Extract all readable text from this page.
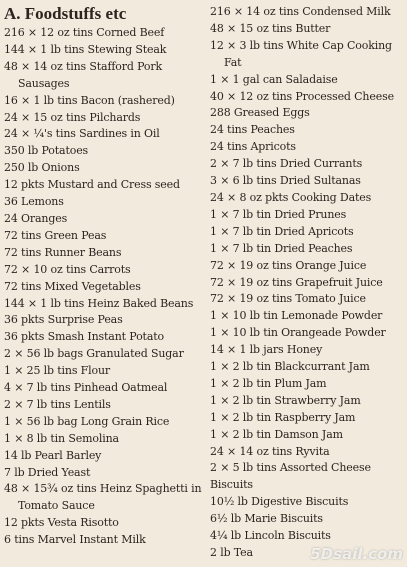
A. Foodstuffs etc
216 × 12 oz tins Corned Beef
144 × 1 lb tins Stewing Steak
48 × 14 oz tins Stafford Pork
Sausages
16 × 1 lb tins Bacon (rashered)
24 × 15 oz tins Pilchards
24 × ¼'s tins Sardines in Oil
350 lb Potatoes
250 lb Onions
12 pkts Mustard and Cress seed
36 Lemons
24 Oranges
72 tins Green Peas
72 tins Runner Beans
72 × 10 oz tins Carrots
72 tins Mixed Vegetables
144 × 1 lb tins Heinz Baked Beans
36 pkts Surprise Peas
36 pkts Smash Instant Potato
2 × 56 lb bags Granulated Sugar
1 × 25 lb tins Flour
4 × 7 lb tins Pinhead Oatmeal
2 × 7 lb tins Lentils
1 × 56 lb bag Long Grain Rice
1 × 8 lb tin Semolina
14 lb Pearl Barley
7 lb Dried Yeast
48 × 15¾ oz tins Heinz Spaghetti in
Tomato Sauce
12 pkts Vesta Risotto
6 tins Marvel Instant Milk
216 × 14 oz tins Condensed Milk
48 × 15 oz tins Butter
12 × 3 lb tins White Cap Cooking
Fat
1 × 1 gal can Saladaise
40 × 12 oz tins Processed Cheese
288 Greased Eggs
24 tins Peaches
24 tins Apricots
2 × 7 lb tins Dried Currants
3 × 6 lb tins Dried Sultanas
24 × 8 oz pkts Cooking Dates
1 × 7 lb tin Dried Prunes
1 × 7 lb tin Dried Apricots
1 × 7 lb tin Dried Peaches
72 × 19 oz tins Orange Juice
72 × 19 oz tins Grapefruit Juice
72 × 19 oz tins Tomato Juice
1 × 10 lb tin Lemonade Powder
1 × 10 lb tin Orangeade Powder
14 × 1 lb jars Honey
1 × 2 lb tin Blackcurrant Jam
1 × 2 lb tin Plum Jam
1 × 2 lb tin Strawberry Jam
1 × 2 lb tin Raspberry Jam
1 × 2 lb tin Damson Jam
24 × 14 oz tins Ryvita
2 × 5 lb tins Assorted Cheese Biscuits
10½ lb Digestive Biscuits
6½ lb Marie Biscuits
4¼ lb Lincoln Biscuits
2 lb Tea	5Dsail.com
